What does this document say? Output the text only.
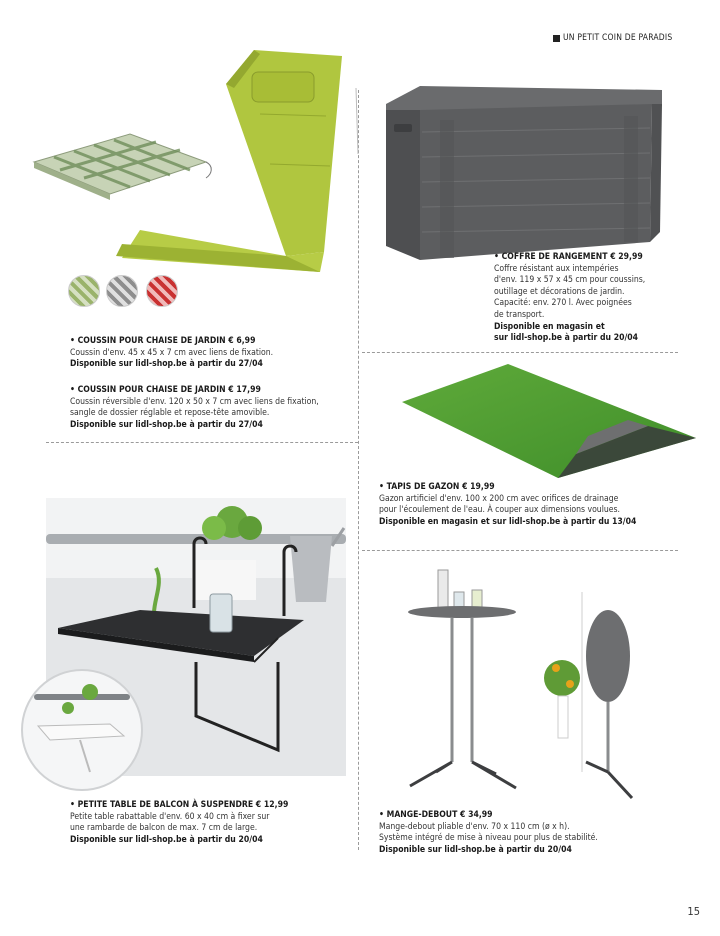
UN PETIT COIN DE PARADIS
• COUSSIN POUR CHAISE DE JARDIN € 6,99
Coussin d'env. 45 x 45 x 7 cm avec liens de fixation.
Disponible sur lidl-shop.be à partir du 27/04
• COUSSIN POUR CHAISE DE JARDIN € 17,99
Coussin réversible d'env. 120 x 50 x 7 cm avec liens de fixation,
sangle de dossier réglable et repose-tête amovible.
Disponible sur lidl-shop.be à partir du 27/04
• COFFRE DE RANGEMENT € 29,99
Coffre résistant aux intempéries
d'env. 119 x 57 x 45 cm pour coussins,
outillage et décorations de jardin.
Capacité: env. 270 l. Avec poignées
de transport.
Disponible en magasin et
sur lidl-shop.be à partir du 20/04
• TAPIS DE GAZON € 19,99
Gazon artificiel d'env. 100 x 200 cm avec orifices de drainage
pour l'écoulement de l'eau. À couper aux dimensions voulues.
Disponible en magasin et sur lidl-shop.be à partir du 13/04
• PETITE TABLE DE BALCON À SUSPENDRE € 12,99
Petite table rabattable d'env. 60 x 40 cm à fixer sur
une rambarde de balcon de max. 7 cm de large.
Disponible sur lidl-shop.be à partir du 20/04
• MANGE-DEBOUT € 34,99
Mange-debout pliable d'env. 70 x 110 cm (ø x h).
Système intégré de mise à niveau pour plus de stabilité.
Disponible sur lidl-shop.be à partir du 20/04
15
